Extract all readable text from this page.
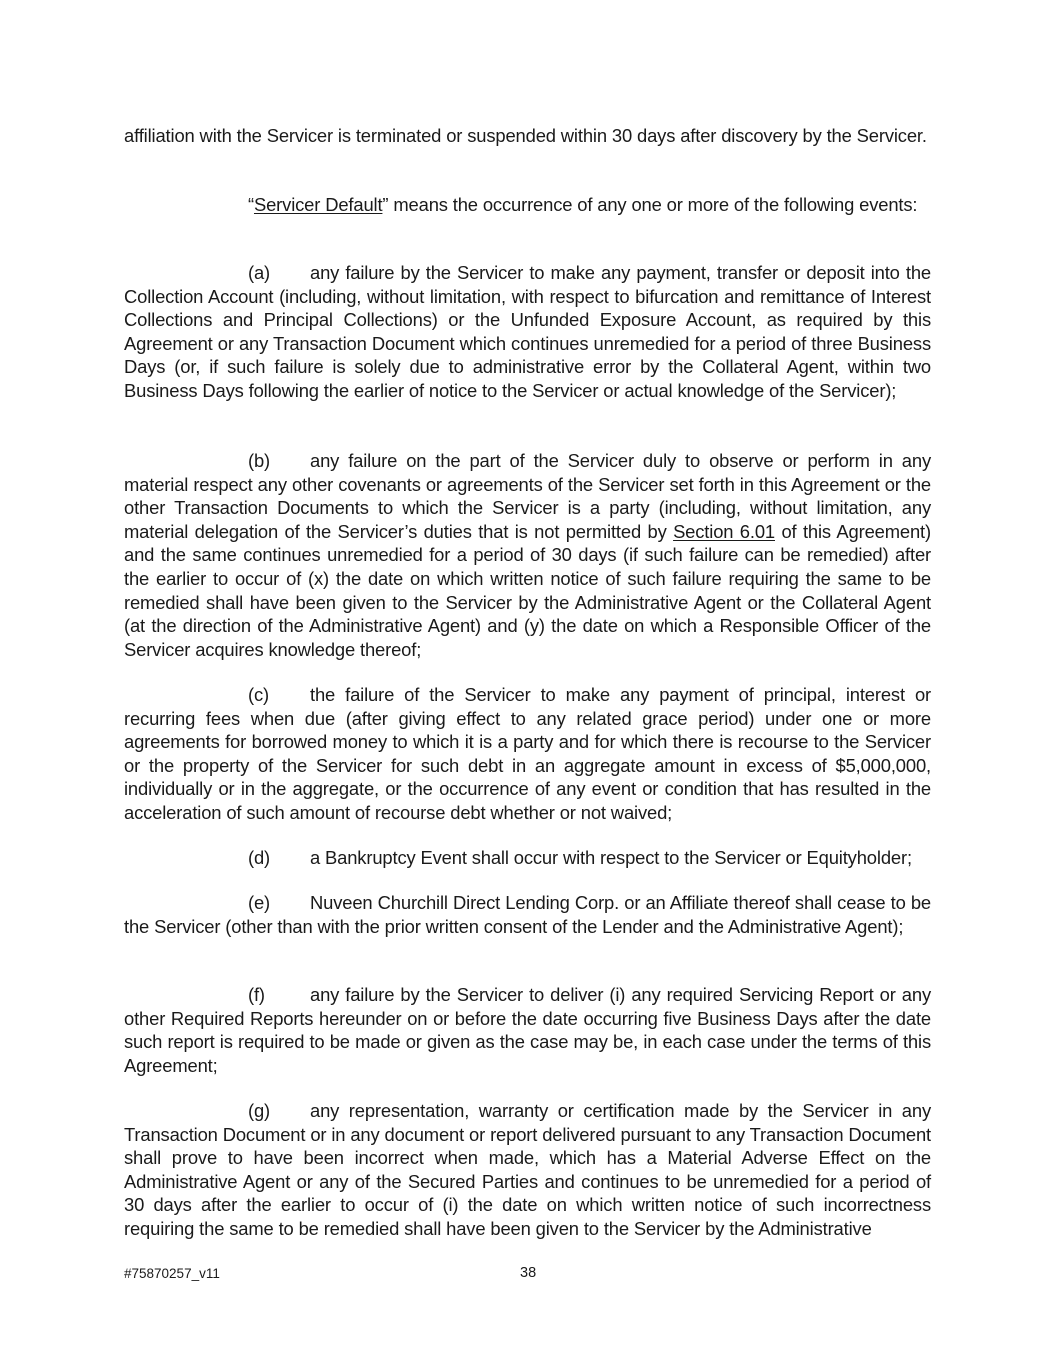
affiliation with the Servicer is terminated or suspended within 30 days after discovery by the Servicer.

“Servicer Default” means the occurrence of any one or more of the following events:

(a) any failure by the Servicer to make any payment, transfer or deposit into the Collection Account (including, without limitation, with respect to bifurcation and remittance of Interest Collections and Principal Collections) or the Unfunded Exposure Account, as required by this Agreement or any Transaction Document which continues unremedied for a period of three Business Days (or, if such failure is solely due to administrative error by the Collateral Agent, within two Business Days following the earlier of notice to the Servicer or actual knowledge of the Servicer);

(b) any failure on the part of the Servicer duly to observe or perform in any material respect any other covenants or agreements of the Servicer set forth in this Agreement or the other Transaction Documents to which the Servicer is a party (including, without limitation, any material delegation of the Servicer’s duties that is not permitted by Section 6.01 of this Agreement) and the same continues unremedied for a period of 30 days (if such failure can be remedied) after the earlier to occur of (x) the date on which written notice of such failure requiring the same to be remedied shall have been given to the Servicer by the Administrative Agent or the Collateral Agent (at the direction of the Administrative Agent) and (y) the date on which a Responsible Officer of the Servicer acquires knowledge thereof;

(c) the failure of the Servicer to make any payment of principal, interest or recurring fees when due (after giving effect to any related grace period) under one or more agreements for borrowed money to which it is a party and for which there is recourse to the Servicer or the property of the Servicer for such debt in an aggregate amount in excess of $5,000,000, individually or in the aggregate, or the occurrence of any event or condition that has resulted in the acceleration of such amount of recourse debt whether or not waived;

(d) a Bankruptcy Event shall occur with respect to the Servicer or Equityholder;

(e) Nuveen Churchill Direct Lending Corp. or an Affiliate thereof shall cease to be the Servicer (other than with the prior written consent of the Lender and the Administrative Agent);

(f) any failure by the Servicer to deliver (i) any required Servicing Report or any other Required Reports hereunder on or before the date occurring five Business Days after the date such report is required to be made or given as the case may be, in each case under the terms of this Agreement;

(g) any representation, warranty or certification made by the Servicer in any Transaction Document or in any document or report delivered pursuant to any Transaction Document shall prove to have been incorrect when made, which has a Material Adverse Effect on the Administrative Agent or any of the Secured Parties and continues to be unremedied for a period of 30 days after the earlier to occur of (i) the date on which written notice of such incorrectness requiring the same to be remedied shall have been given to the Servicer by the Administrative

#75870257_v11	38
